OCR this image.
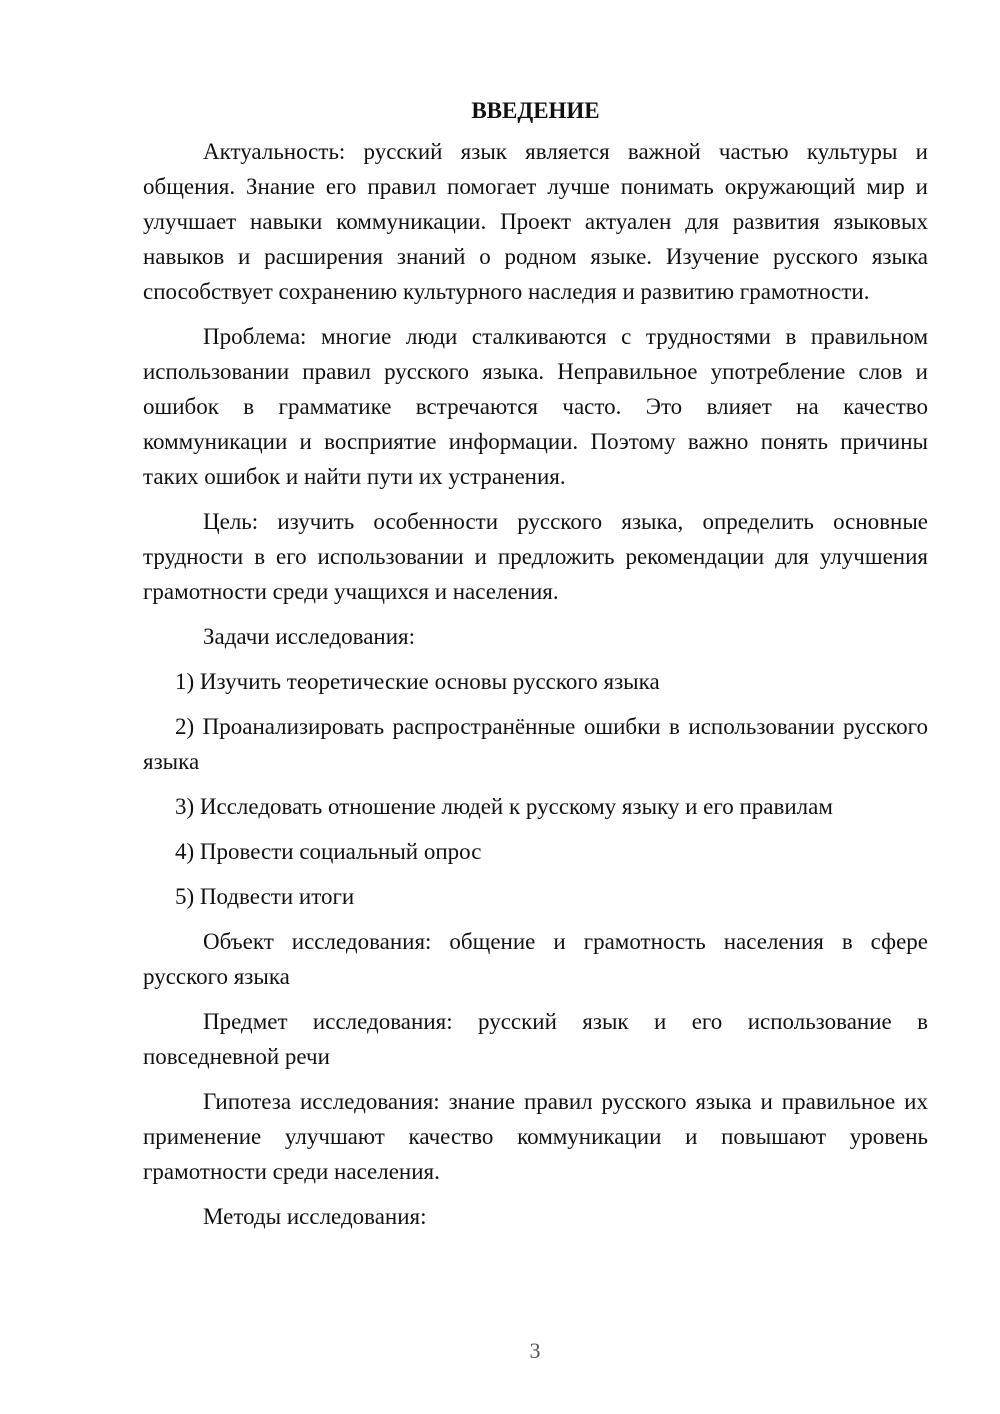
ВВЕДЕНИЕ

Актуальность: русский язык является важной частью культуры и общения. Знание его правил помогает лучше понимать окружающий мир и улучшает навыки коммуникации. Проект актуален для развития языковых навыков и расширения знаний о родном языке. Изучение русского языка способствует сохранению культурного наследия и развитию грамотности.

Проблема: многие люди сталкиваются с трудностями в правильном использовании правил русского языка. Неправильное употребление слов и ошибок в грамматике встречаются часто. Это влияет на качество коммуникации и восприятие информации. Поэтому важно понять причины таких ошибок и найти пути их устранения.

Цель: изучить особенности русского языка, определить основные трудности в его использовании и предложить рекомендации для улучшения грамотности среди учащихся и населения.

Задачи исследования:

1) Изучить теоретические основы русского языка

2) Проанализировать распространённые ошибки в использовании русского языка

3) Исследовать отношение людей к русскому языку и его правилам

4) Провести социальный опрос

5) Подвести итоги

Объект исследования: общение и грамотность населения в сфере русского языка

Предмет исследования: русский язык и его использование в повседневной речи

Гипотеза исследования: знание правил русского языка и правильное их применение улучшают качество коммуникации и повышают уровень грамотности среди населения.

Методы исследования:

3
